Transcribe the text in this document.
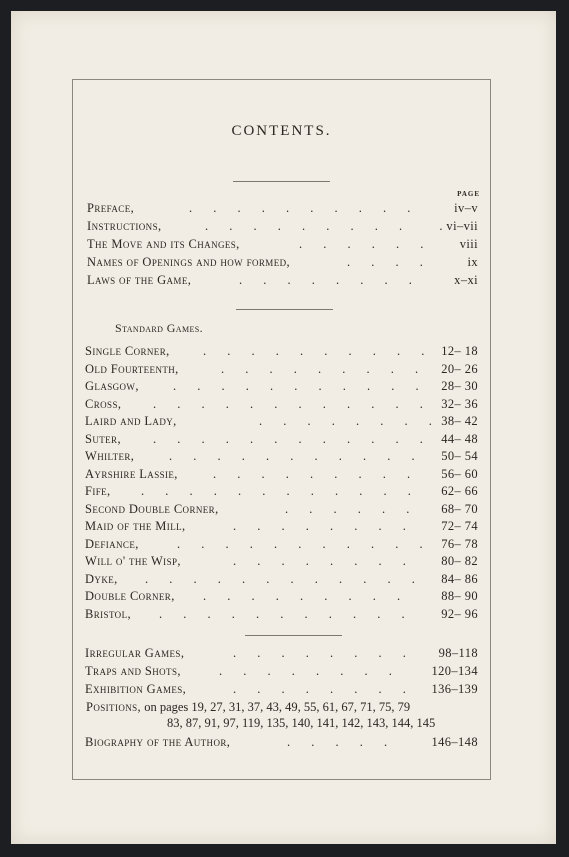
CONTENTS.
PAGE
Preface,	. . . . . . . . . .	iv–v
Instructions,	. . . . . . . . . . vi–vii
The Move and its Changes,	. . . . . . viii
Names of Openings and how formed,	. . . .	ix
Laws of the Game,	. . . . . . . .	x–xi
Standard Games.
Single Corner,	. . . . . . . . . . 12– 18
Old Fourteenth,	. . . . . . . . . 20– 26
Glasgow,	. . . . . . . . . . . 28– 30
Cross,	. . . . . . . . . . . . 32– 36
Laird and Lady,	. . . . . . . . 38– 42
Suter,	. . . . . . . . . . . . 44– 48
Whilter,	. . . . . . . . . . . 50– 54
Ayrshire Lassie,	. . . . . . . . . 56– 60
Fife, . . . . . . . . . . . . 62– 66
Second Double Corner,	. . . . . . 68– 70
Maid of the Mill,	. . . . . . . . 72– 74
Defiance,	. . . . . . . . . . . 76– 78
Will o' the Wisp,	. . . . . . . . 80– 82
Dyke, . . . . . . . . . . . . 84– 86
Double Corner, . . . . . . . . .	88– 90
Bristol, . . . . . . . . . . . 92– 96
Irregular Games,	. . . . . . . . 98–118
Traps and Shots,	. . . . . . . . 120–134
Exhibition Games,	. . . . . . . . 136–139
Positions, on pages 19, 27, 31, 37, 43, 49, 55, 61, 67, 71, 75, 79
83, 87, 91, 97, 119, 135, 140, 141, 142, 143, 144, 145
Biography of the Author,	. . . . .	146–148
